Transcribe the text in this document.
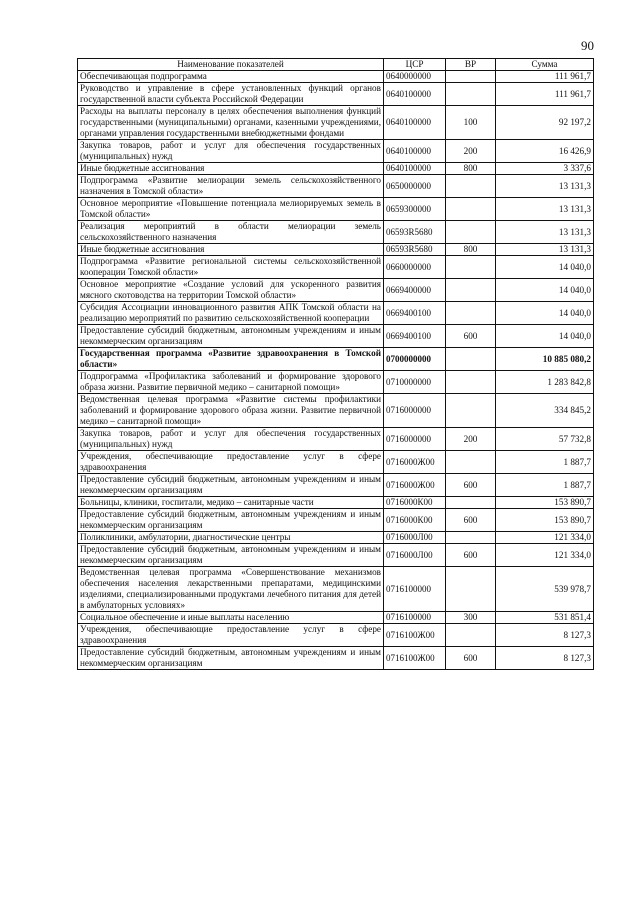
90
Наименование показателей	ЦСР	ВР	Сумма
Обеспечивающая подпрограмма	0640000000		111 961,7
Руководство и управление в сфере установленных функций органов государственной власти субъекта Российской Федерации	0640100000		111 961,7
Расходы на выплаты персоналу в целях обеспечения выполнения функций государственными (муниципальными) органами, казенными учреждениями, органами управления государственными внебюджетными фондами	0640100000	100	92 197,2
Закупка товаров, работ и услуг для обеспечения государственных (муниципальных) нужд	0640100000	200	16 426,9
Иные бюджетные ассигнования	0640100000	800	3 337,6
Подпрограмма «Развитие мелиорации земель сельскохозяйственного назначения в Томской области»	0650000000		13 131,3
Основное мероприятие «Повышение потенциала мелиорируемых земель в Томской области»	0659300000		13 131,3
Реализация мероприятий в области мелиорации земель сельскохозяйственного назначения	06593R5680		13 131,3
Иные бюджетные ассигнования	06593R5680	800	13 131,3
Подпрограмма «Развитие региональной системы сельскохозяйственной кооперации Томской области»	0660000000		14 040,0
Основное мероприятие «Создание условий для ускоренного развития мясного скотоводства на территории Томской области»	0669400000		14 040,0
Субсидия Ассоциации инновационного развития АПК Томской области на реализацию мероприятий по развитию сельскохозяйственной кооперации	0669400100		14 040,0
Предоставление субсидий бюджетным, автономным учреждениям и иным некоммерческим организациям	0669400100	600	14 040,0
Государственная программа «Развитие здравоохранения в Томской области»	0700000000		10 885 080,2
Подпрограмма «Профилактика заболеваний и формирование здорового образа жизни. Развитие первичной медико – санитарной помощи»	0710000000		1 283 842,8
Ведомственная целевая программа «Развитие системы профилактики заболеваний и формирование здорового образа жизни. Развитие первичной медико – санитарной помощи»	0716000000		334 845,2
Закупка товаров, работ и услуг для обеспечения государственных (муниципальных) нужд	0716000000	200	57 732,8
Учреждения, обеспечивающие предоставление услуг в сфере здравоохранения	0716000Ж00		1 887,7
Предоставление субсидий бюджетным, автономным учреждениям и иным некоммерческим организациям	0716000Ж00	600	1 887,7
Больницы, клиники, госпитали, медико – санитарные части	0716000К00		153 890,7
Предоставление субсидий бюджетным, автономным учреждениям и иным некоммерческим организациям	0716000К00	600	153 890,7
Поликлиники, амбулатории, диагностические центры	0716000Л00		121 334,0
Предоставление субсидий бюджетным, автономным учреждениям и иным некоммерческим организациям	0716000Л00	600	121 334,0
Ведомственная целевая программа «Совершенствование механизмов обеспечения населения лекарственными препаратами, медицинскими изделиями, специализированными продуктами лечебного питания для детей в амбулаторных условиях»	0716100000		539 978,7
Социальное обеспечение и иные выплаты населению	0716100000	300	531 851,4
Учреждения, обеспечивающие предоставление услуг в сфере здравоохранения	0716100Ж00		8 127,3
Предоставление субсидий бюджетным, автономным учреждениям и иным некоммерческим организациям	0716100Ж00	600	8 127,3
